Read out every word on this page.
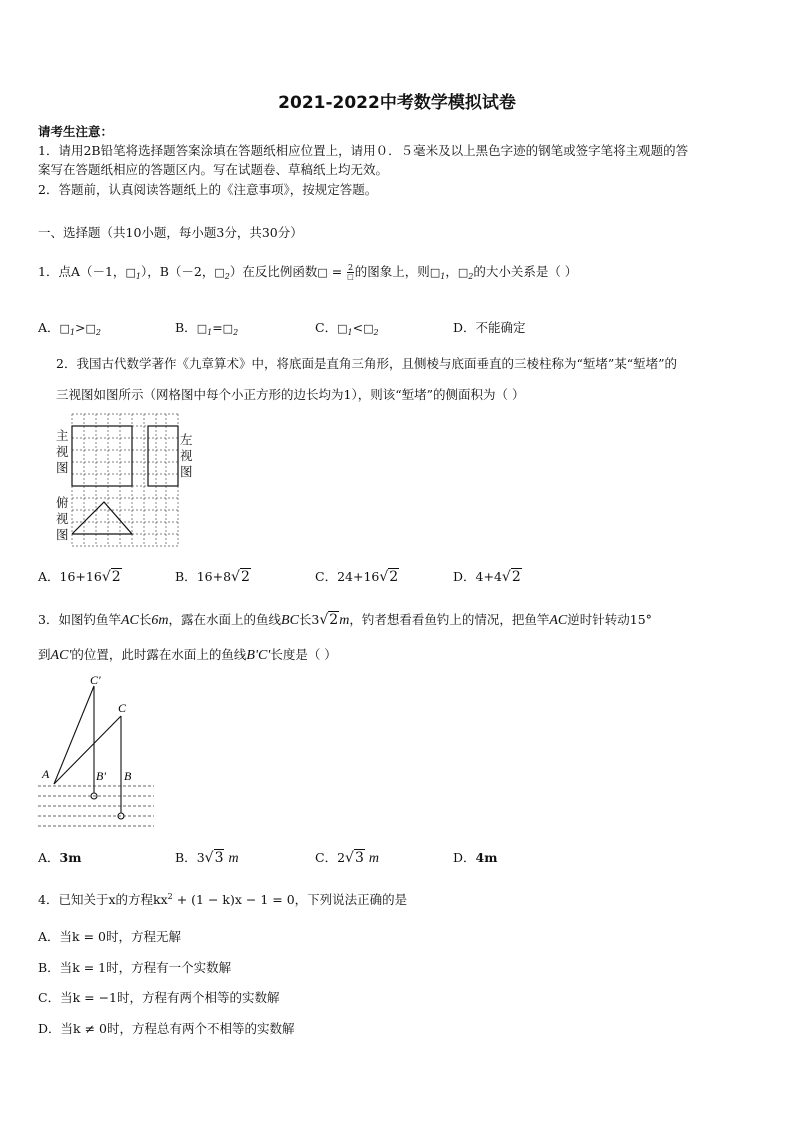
2021-2022中考数学模拟试卷
请考生注意：
1．请用2B铅笔将选择题答案涂填在答题纸相应位置上，请用０．５毫米及以上黑色字迹的钢笔或签字笔将主观题的答
案写在答题纸相应的答题区内。写在试题卷、草稿纸上均无效。
2．答题前，认真阅读答题纸上的《注意事项》，按规定答题。
一、选择题（共10小题，每小题3分，共30分）
1．点A（－1，$□_1$），B（－2，$□_2$）在反比例函数□ = $\frac{2}{□}$ 的图象上，则$□_1$，$□_2$的大小关系是（ ）
A．$□_1>□_2$	B．$□_1=□_2$	C．$□_1<□_2$	D．不能确定
2．我国古代数学著作《九章算术》中，将底面是直角三角形，且侧棱与底面垂直的三棱柱称为“堑堵”某“堑堵”的
三视图如图所示（网格图中每个小正方形的边长均为1），则该“堑堵”的侧面积为（ ）
主
视
图
左
视
图
俯
视
图
A．16+16√2	B．16+8√2	C．24+16√2	D．4+4√2
3．如图钓鱼竿AC长6m，露在水面上的鱼线BC长3√2m，钓者想看看鱼钓上的情况，把鱼竿AC逆时针转动15°
到AC'的位置，此时露在水面上的鱼线B'C'长度是（ ）
A
C'
C
B' B
A．3m	B．3√3 m	C．2√3 m	D．4m
4．已知关于x的方程$kx^2 + (1 - k)x - 1 = 0$，下列说法正确的是
A．当k = 0时，方程无解
B．当k = 1时，方程有一个实数解
C．当k = −1时，方程有两个相等的实数解
D．当k ≠ 0时，方程总有两个不相等的实数解
